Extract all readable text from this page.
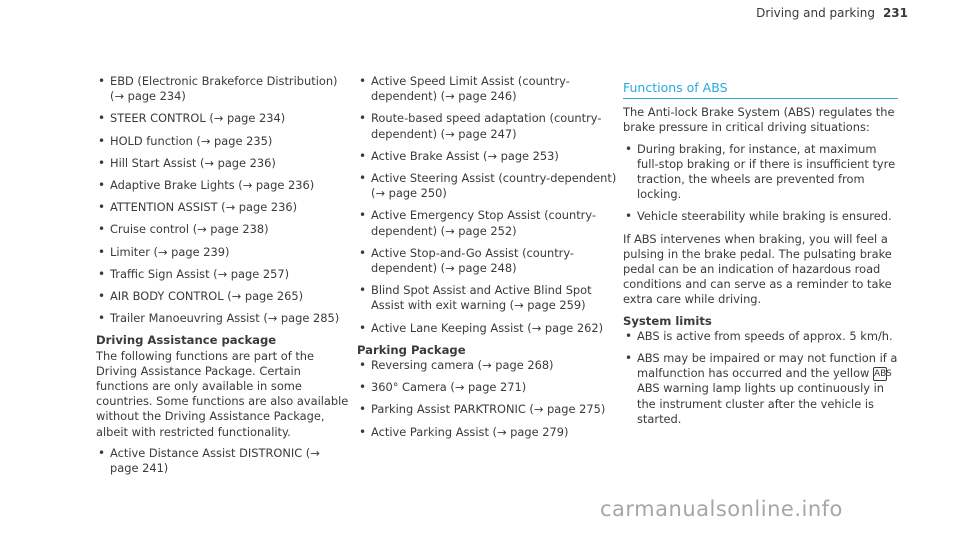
Driving and parking 231
• EBD (Electronic Brakeforce Distribution) (→ page 234)
• STEER CONTROL (→ page 234)
• HOLD function (→ page 235)
• Hill Start Assist (→ page 236)
• Adaptive Brake Lights (→ page 236)
• ATTENTION ASSIST (→ page 236)
• Cruise control (→ page 238)
• Limiter (→ page 239)
• Traffic Sign Assist (→ page 257)
• AIR BODY CONTROL (→ page 265)
• Trailer Manoeuvring Assist (→ page 285)
Driving Assistance package
The following functions are part of the Driving Assistance Package. Certain functions are only available in some countries. Some functions are also available without the Driving Assistance Package, albeit with restricted functionality.
• Active Distance Assist DISTRONIC (→ page 241)
• Active Speed Limit Assist (country-dependent) (→ page 246)
• Route-based speed adaptation (country-dependent) (→ page 247)
• Active Brake Assist (→ page 253)
• Active Steering Assist (country-dependent) (→ page 250)
• Active Emergency Stop Assist (country-dependent) (→ page 252)
• Active Stop-and-Go Assist (country-dependent) (→ page 248)
• Blind Spot Assist and Active Blind Spot Assist with exit warning (→ page 259)
• Active Lane Keeping Assist (→ page 262)
Parking Package
• Reversing camera (→ page 268)
• 360° Camera (→ page 271)
• Parking Assist PARKTRONIC (→ page 275)
• Active Parking Assist (→ page 279)
Functions of ABS
The Anti-lock Brake System (ABS) regulates the brake pressure in critical driving situations:
• During braking, for instance, at maximum full-stop braking or if there is insufficient tyre traction, the wheels are prevented from locking.
• Vehicle steerability while braking is ensured.
If ABS intervenes when braking, you will feel a pulsing in the brake pedal. The pulsating brake pedal can be an indication of hazardous road conditions and can serve as a reminder to take extra care while driving.
System limits
• ABS is active from speeds of approx. 5 km/h.
• ABS may be impaired or may not function if a malfunction has occurred and the yellow ABS ABS warning lamp lights up continuously in the instrument cluster after the vehicle is started.
carmanualsonline.info
